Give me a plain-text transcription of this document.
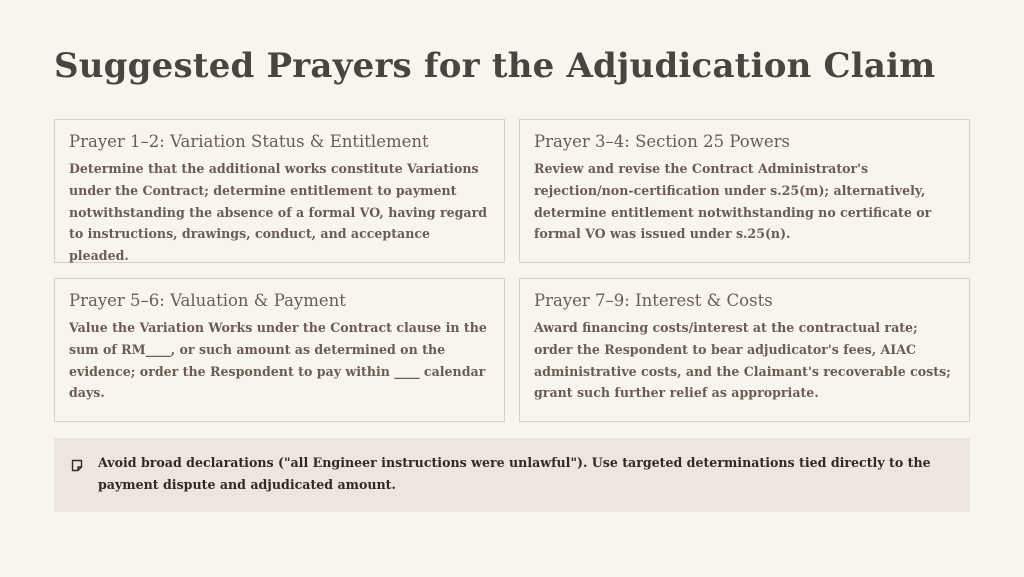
Suggested Prayers for the Adjudication Claim
Prayer 1–2: Variation Status & Entitlement

Determine that the additional works constitute Variations under the Contract; determine entitlement to payment notwithstanding the absence of a formal VO, having regard to instructions, drawings, conduct, and acceptance pleaded.

Prayer 3–4: Section 25 Powers

Review and revise the Contract Administrator's rejection/non-certification under s.25(m); alternatively, determine entitlement notwithstanding no certificate or formal VO was issued under s.25(n).

Prayer 5–6: Valuation & Payment

Value the Variation Works under the Contract clause in the sum of RM____, or such amount as determined on the evidence; order the Respondent to pay within ____ calendar days.

Prayer 7–9: Interest & Costs

Award financing costs/interest at the contractual rate; order the Respondent to bear adjudicator's fees, AIAC administrative costs, and the Claimant's recoverable costs; grant such further relief as appropriate.

Avoid broad declarations ("all Engineer instructions were unlawful"). Use targeted determinations tied directly to the payment dispute and adjudicated amount.
